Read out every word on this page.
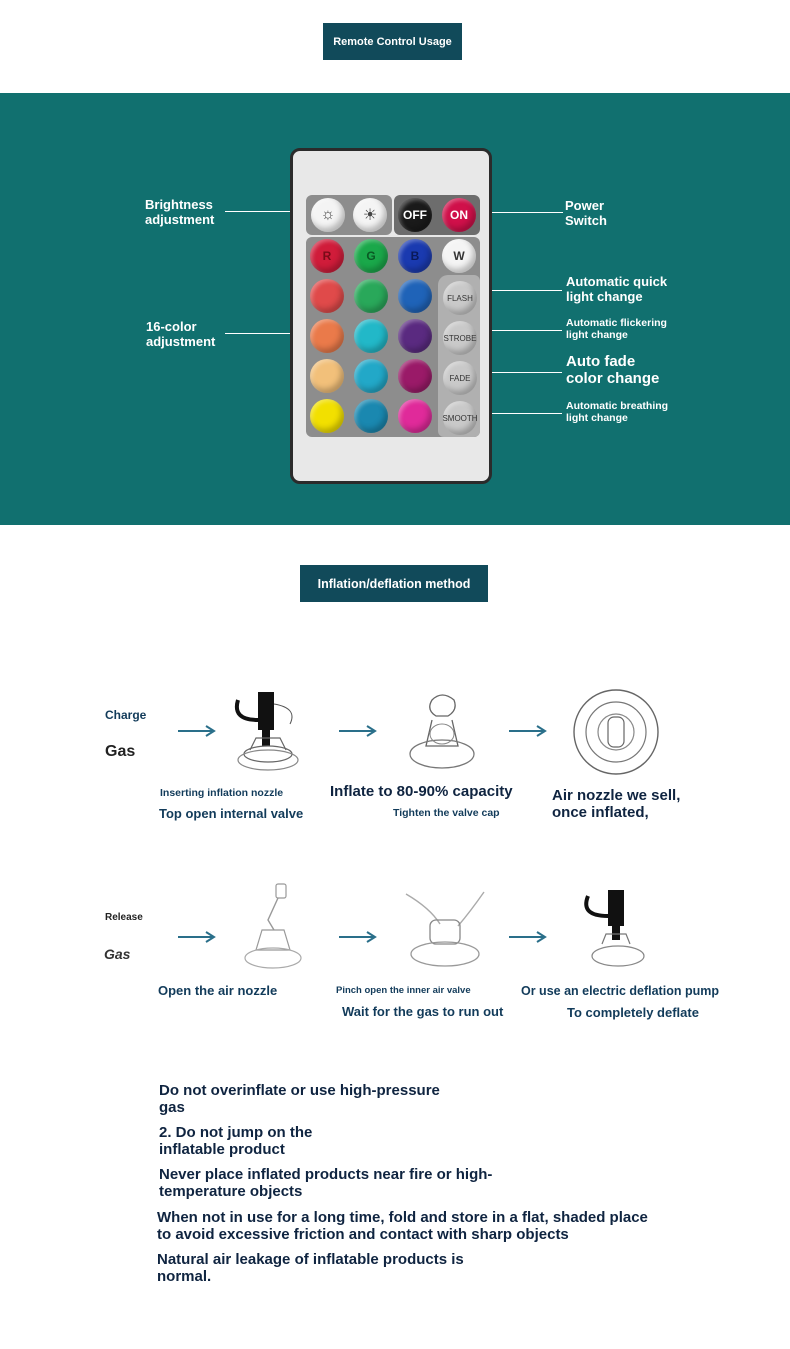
Remote Control Usage
Brightness
adjustment
16-color
adjustment
Power
Switch
Automatic quick
light change
Automatic flickering
light change
Auto fade
color change
Automatic breathing
light change
☼	☀	OFF	ON
R	G	B	W
FLASH
STROBE
FADE
SMOOTH
Inflation/deflation method
Charge
Gas
Inserting inflation nozzle
Top open internal valve
Inflate to 80-90% capacity
Tighten the valve cap
Air nozzle we sell,
once inflated,
Release
Gas
Open the air nozzle	Pinch open the inner air valve
Wait for the gas to run out
Or use an electric deflation pump
To completely deflate
Do not overinflate or use high-pressure
gas
2. Do not jump on the
inflatable product
Never place inflated products near fire or high-
temperature objects
When not in use for a long time, fold and store in a flat, shaded place
to avoid excessive friction and contact with sharp objects
Natural air leakage of inflatable products is
normal.
